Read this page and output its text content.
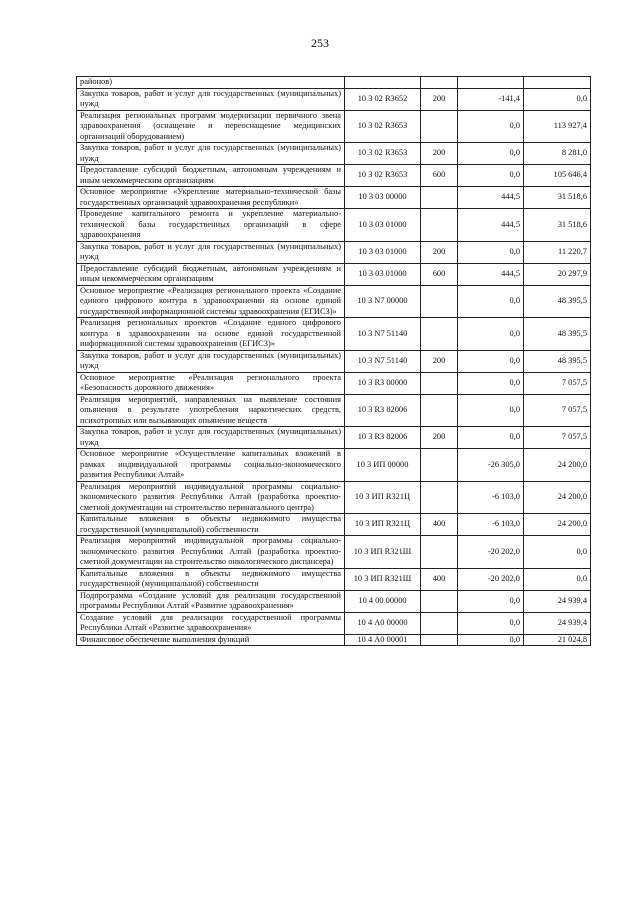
253
районов)				
Закупка товаров, работ и услуг для государственных (муниципальных) нужд	10 3 02 R3652	200	-141,4	0,0
Реализация региональных программ модернизации первичного звена здравоохранения (оснащение и переоснащение медицинских организаций оборудованием)	10 3 02 R3653		0,0	113 927,4
Закупка товаров, работ и услуг для государственных (муниципальных) нужд	10 3 02 R3653	200	0,0	8 281,0
Предоставление субсидий бюджетным, автономным учреждениям и иным некоммерческим организациям	10 3 02 R3653	600	0,0	105 646,4
Основное мероприятие «Укрепление материально-технической базы государственных организаций здравоохранения республики»	10 3 03 00000		444,5	31 518,6
Проведение капитального ремонта и укрепление материально-технической базы государственных организаций в сфере здравоохранения	10 3 03 01000		444,5	31 518,6
Закупка товаров, работ и услуг для государственных (муниципальных) нужд	10 3 03 01000	200	0,0	11 220,7
Предоставление субсидий бюджетным, автономным учреждениям и иным некоммерческим организациям	10 3 03 01000	600	444,5	20 297,9
Основное мероприятие «Реализация регионального проекта «Создание единого цифрового контура в здравоохранении на основе единой государственной информационной системы здравоохранения (ЕГИСЗ)»	10 3 N7 00000		0,0	48 395,5
Реализация региональных проектов «Создание единого цифрового контура в здравоохранении на основе единой государственной информационной системы здравоохранения (ЕГИСЗ)»	10 3 N7 51140		0,0	48 395,5
Закупка товаров, работ и услуг для государственных (муниципальных) нужд	10 3 N7 51140	200	0,0	48 395,5
Основное мероприятие «Реализация регионального проекта «Безопасность дорожного движения»	10 3 R3 00000		0,0	7 057,5
Реализация мероприятий, направленных на выявление состояния опьянения в результате употребления наркотических средств, психотропных или вызывающих опьянение веществ	10 3 R3 82006		0,0	7 057,5
Закупка товаров, работ и услуг для государственных (муниципальных) нужд	10 3 R3 82006	200	0,0	7 057,5
Основное мероприятие «Осуществление капитальных вложений в рамках индивидуальной программы социально-экономического развития Республики Алтай»	10 3 ИП 00000		-26 305,0	24 200,0
Реализация мероприятий индивидуальной программы социально-экономического развития Республики Алтай (разработка проектно-сметной документации на строительство перинатального центра)	10 3 ИП R321Ц		-6 103,0	24 200,0
Капитальные вложения в объекты недвижимого имущества государственной (муниципальной) собственности	10 3 ИП R321Ц	400	-6 103,0	24 200,0
Реализация мероприятий индивидуальной программы социально-экономического развития Республики Алтай (разработка проектно-сметной документации на строительство онкологического диспансера)	10 3 ИП R321Ш		-20 202,0	0,0
Капитальные вложения в объекты недвижимого имущества государственной (муниципальной) собственности	10 3 ИП R321Ш	400	-20 202,0	0,0
Подпрограмма «Создание условий для реализации государственной программы Республики Алтай «Развитие здравоохранения»	10 4 00 00000		0,0	24 939,4
Создание условий для реализации государственной программы Республики Алтай «Развитие здравоохранения»	10 4 А0 00000		0,0	24 939,4
Финансовое обеспечение выполнения функций	10 4 А0 00001		0,0	21 024,8
